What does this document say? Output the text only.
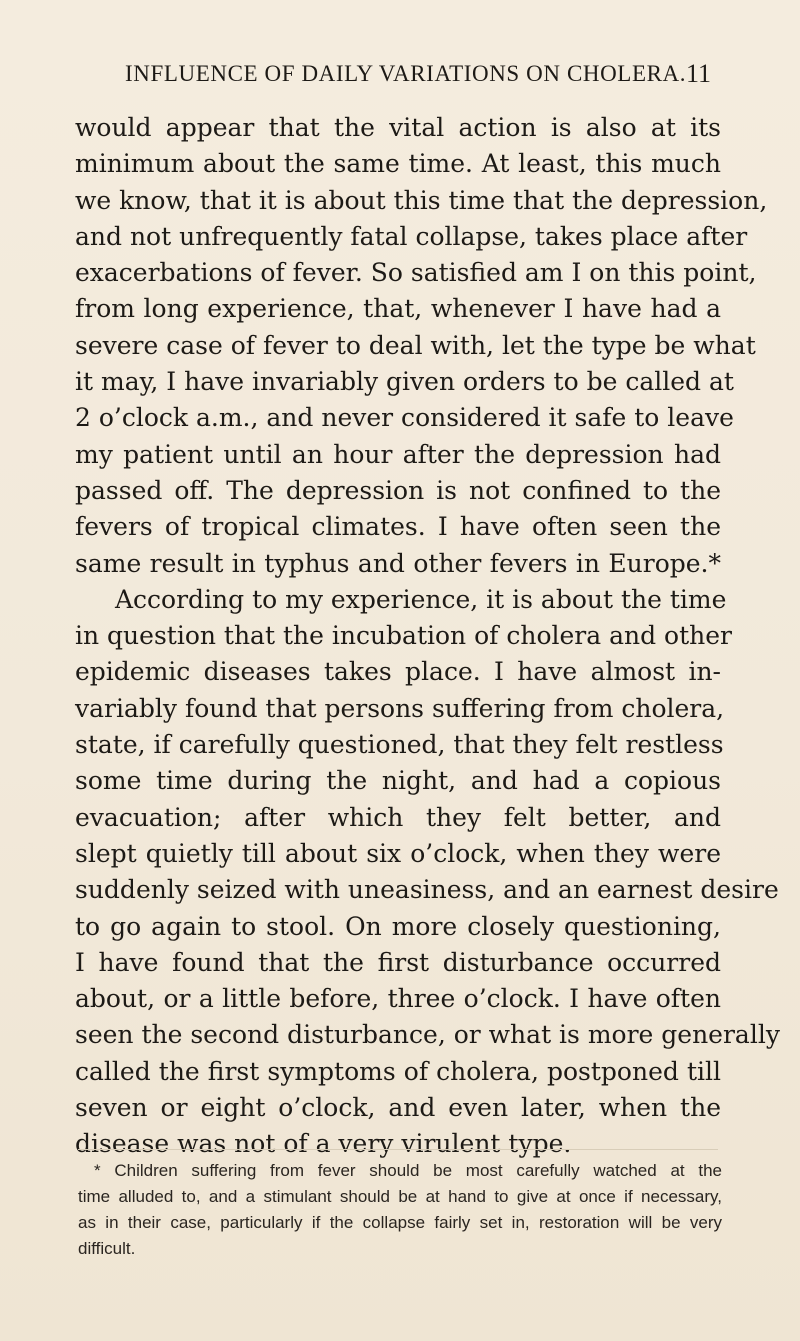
INFLUENCE OF DAILY VARIATIONS ON CHOLERA. 11
would appear that the vital action is also at its
minimum about the same time. At least, this much
we know, that it is about this time that the depression,
and not unfrequently fatal collapse, takes place after
exacerbations of fever. So satisfied am I on this point,
from long experience, that, whenever I have had a
severe case of fever to deal with, let the type be what
it may, I have invariably given orders to be called at
2 o’clock a.m., and never considered it safe to leave
my patient until an hour after the depression had
passed off. The depression is not confined to the
fevers of tropical climates. I have often seen the
same result in typhus and other fevers in Europe.*
According to my experience, it is about the time
in question that the incubation of cholera and other
epidemic diseases takes place. I have almost in-
variably found that persons suffering from cholera,
state, if carefully questioned, that they felt restless
some time during the night, and had a copious
evacuation; after which they felt better, and
slept quietly till about six o’clock, when they were
suddenly seized with uneasiness, and an earnest desire
to go again to stool. On more closely questioning,
I have found that the first disturbance occurred
about, or a little before, three o’clock. I have often
seen the second disturbance, or what is more generally
called the first symptoms of cholera, postponed till
seven or eight o’clock, and even later, when the
disease was not of a very virulent type.
* Children suffering from fever should be most carefully watched at the
time alluded to, and a stimulant should be at hand to give at once if necessary,
as in their case, particularly if the collapse fairly set in, restoration will be very
difficult.
